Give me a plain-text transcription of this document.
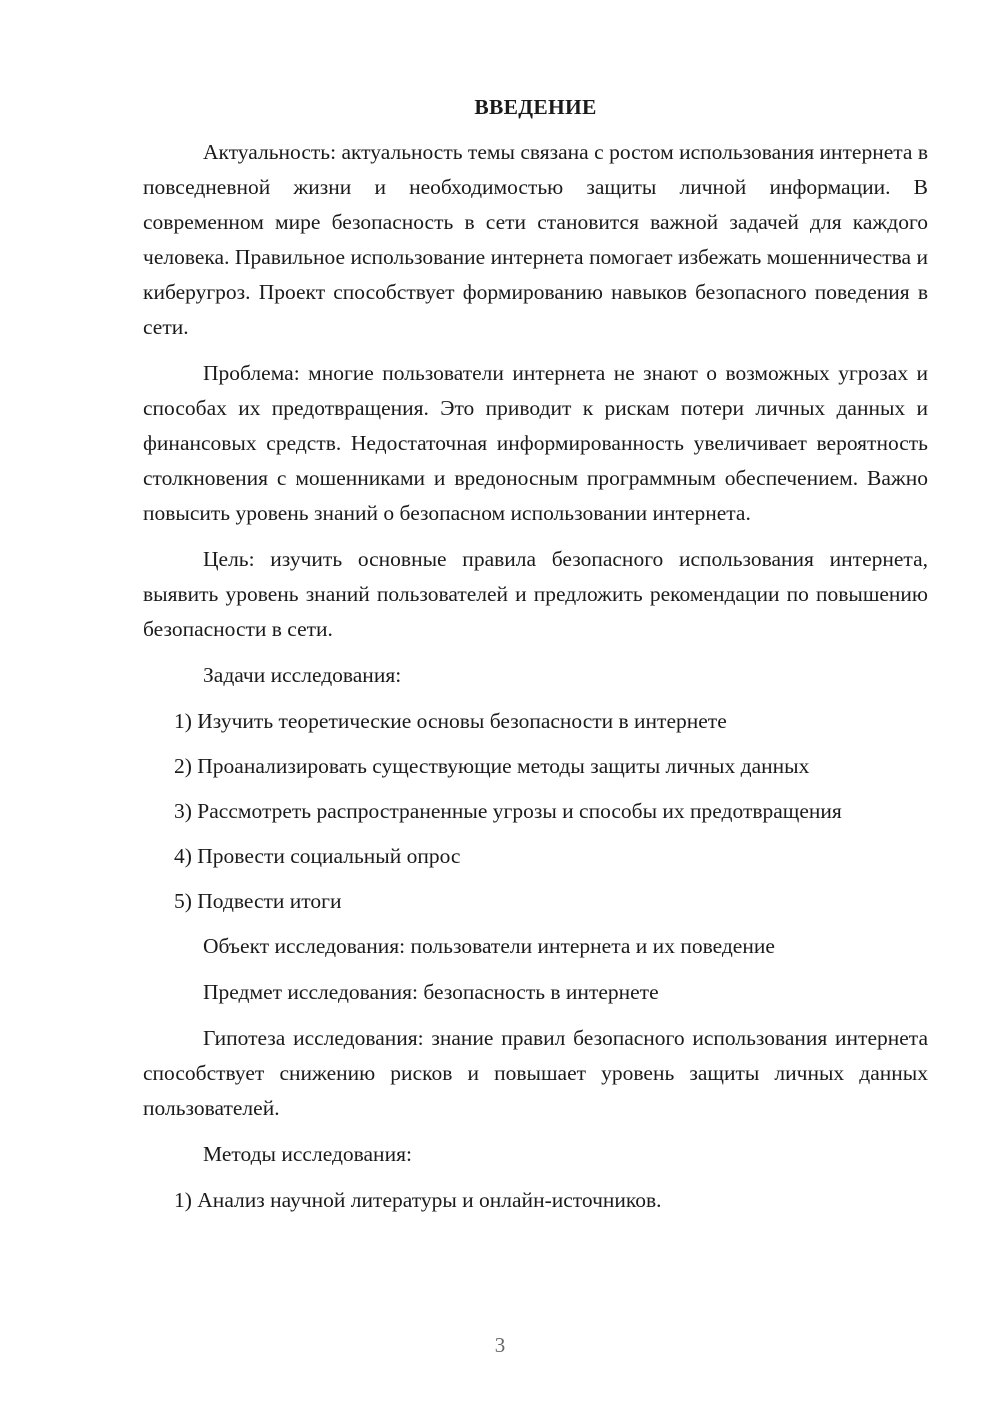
ВВЕДЕНИЕ

Актуальность: актуальность темы связана с ростом использования интернета в повседневной жизни и необходимостью защиты личной информации. В современном мире безопасность в сети становится важной задачей для каждого человека. Правильное использование интернета помогает избежать мошенничества и киберугроз. Проект способствует формированию навыков безопасного поведения в сети.

Проблема: многие пользователи интернета не знают о возможных угрозах и способах их предотвращения. Это приводит к рискам потери личных данных и финансовых средств. Недостаточная информированность увеличивает вероятность столкновения с мошенниками и вредоносным программным обеспечением. Важно повысить уровень знаний о безопасном использовании интернета.

Цель: изучить основные правила безопасного использования интернета, выявить уровень знаний пользователей и предложить рекомендации по повышению безопасности в сети.

Задачи исследования:

1) Изучить теоретические основы безопасности в интернете

2) Проанализировать существующие методы защиты личных данных

3) Рассмотреть распространенные угрозы и способы их предотвращения

4) Провести социальный опрос

5) Подвести итоги

Объект исследования: пользователи интернета и их поведение

Предмет исследования: безопасность в интернете

Гипотеза исследования: знание правил безопасного использования интернета способствует снижению рисков и повышает уровень защиты личных данных пользователей.

Методы исследования:

1) Анализ научной литературы и онлайн-источников.

3
